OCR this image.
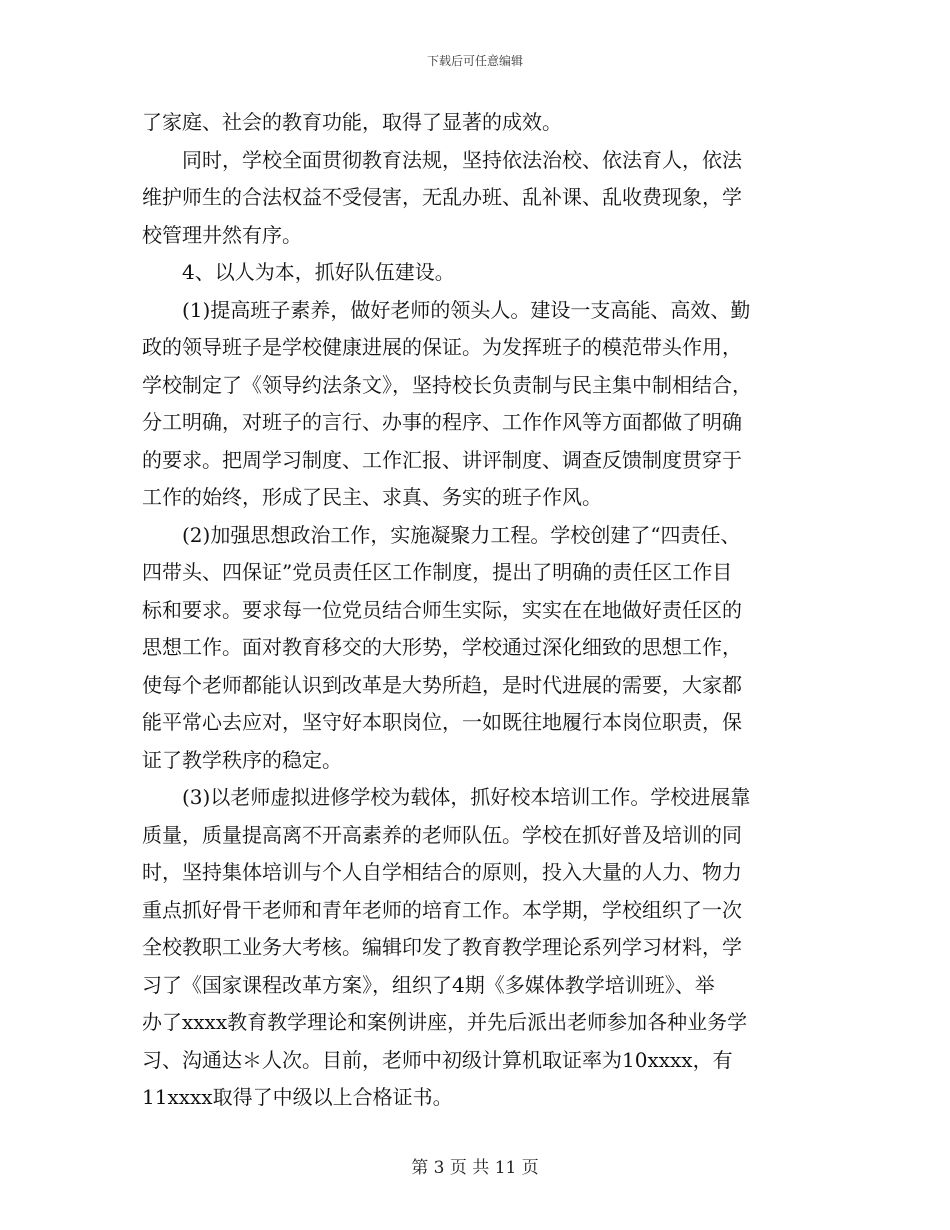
下载后可任意编辑
了家庭、社会的教育功能，取得了显著的成效。
同时，学校全面贯彻教育法规，坚持依法治校、依法育人，依法
维护师生的合法权益不受侵害，无乱办班、乱补课、乱收费现象，学
校管理井然有序。
4、以人为本，抓好队伍建设。
(1)提高班子素养，做好老师的领头人。建设一支高能、高效、勤
政的领导班子是学校健康进展的保证。为发挥班子的模范带头作用，
学校制定了《领导约法条文》，坚持校长负责制与民主集中制相结合，
分工明确，对班子的言行、办事的程序、工作作风等方面都做了明确
的要求。把周学习制度、工作汇报、讲评制度、调查反馈制度贯穿于
工作的始终，形成了民主、求真、务实的班子作风。
(2)加强思想政治工作，实施凝聚力工程。学校创建了“四责任、
四带头、四保证”党员责任区工作制度，提出了明确的责任区工作目
标和要求。要求每一位党员结合师生实际，实实在在地做好责任区的
思想工作。面对教育移交的大形势，学校通过深化细致的思想工作，
使每个老师都能认识到改革是大势所趋，是时代进展的需要，大家都
能平常心去应对，坚守好本职岗位，一如既往地履行本岗位职责，保
证了教学秩序的稳定。
(3)以老师虚拟进修学校为载体，抓好校本培训工作。学校进展靠
质量，质量提高离不开高素养的老师队伍。学校在抓好普及培训的同
时，坚持集体培训与个人自学相结合的原则，投入大量的人力、物力
重点抓好骨干老师和青年老师的培育工作。本学期，学校组织了一次
全校教职工业务大考核。编辑印发了教育教学理论系列学习材料，学
习了《国家课程改革方案》，组织了4期《多媒体教学培训班》、举
办了xxxx教育教学理论和案例讲座，并先后派出老师参加各种业务学
习、沟通达＊人次。目前，老师中初级计算机取证率为10xxxx，有
11xxxx取得了中级以上合格证书。
第 3 页 共 11 页
